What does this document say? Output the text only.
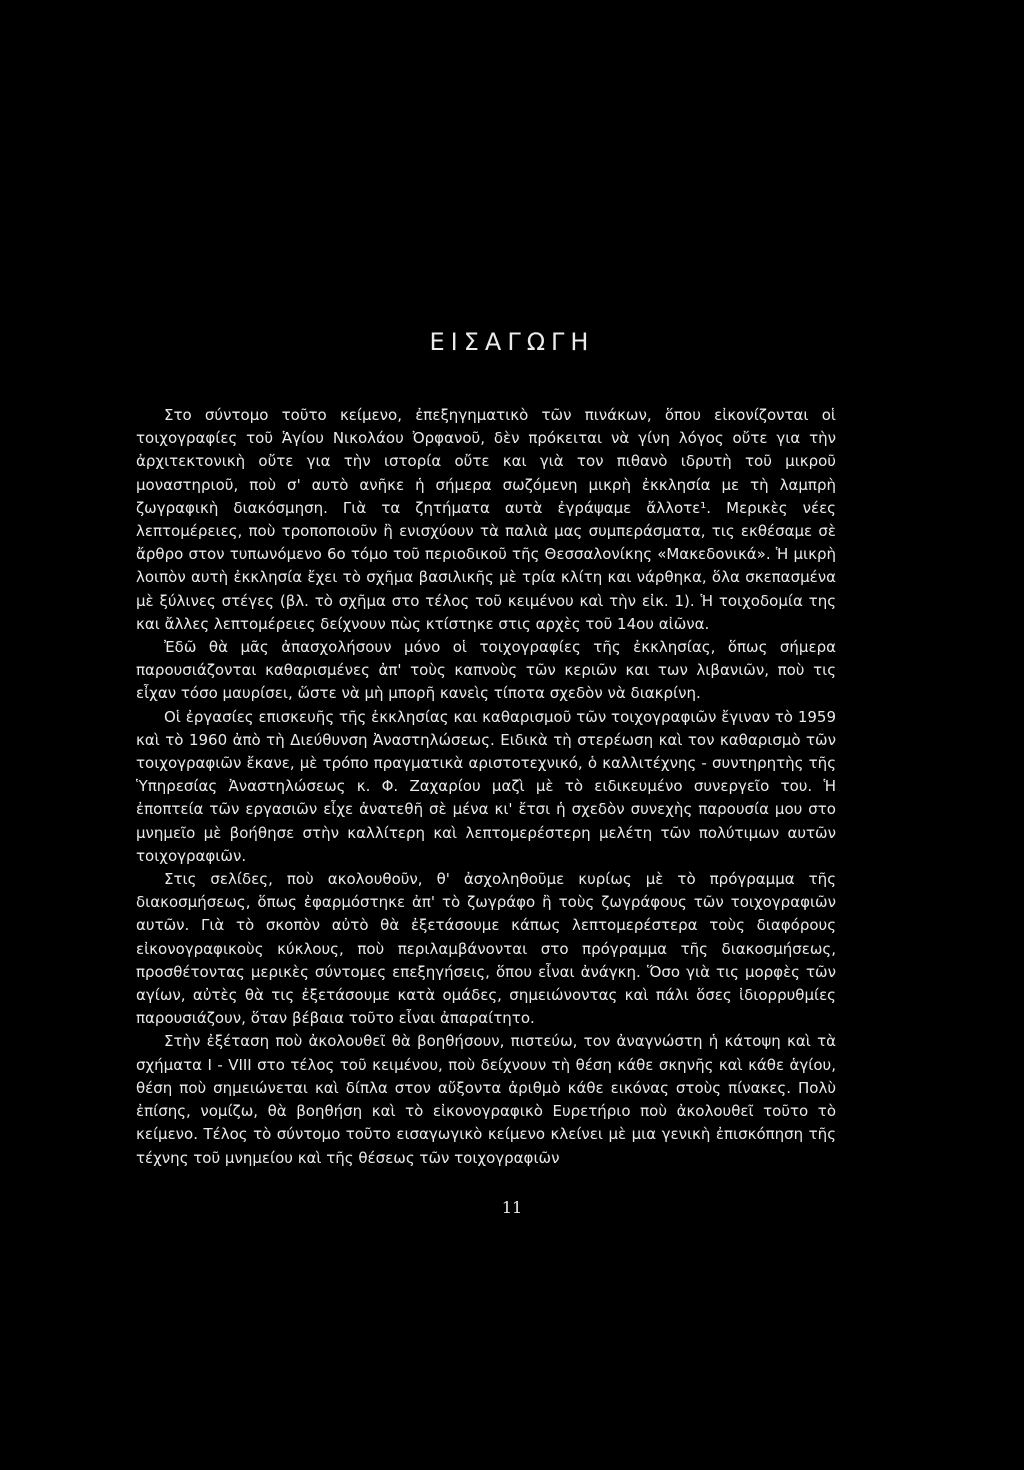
ΕΙΣΑΓΩΓΗ

Στο σύντομο τοῦτο κείμενο, ἐπεξηγηματικὸ τῶν πινάκων, ὅπου εἰκονίζονται οἱ τοιχογραφίες τοῦ Ἁγίου Νικολάου Ὀρφανοῦ, δὲν πρόκειται νὰ γίνη λόγος οὔτε για τὴν ἀρχιτεκτονικὴ οὔτε για τὴν ιστορία οὔτε και γιὰ τον πιθανὸ ιδρυτὴ τοῦ μικροῦ μοναστηριοῦ, ποὺ σ' αυτὸ ανῆκε ἡ σήμερα σωζόμενη μικρὴ ἐκκλησία με τὴ λαμπρὴ ζωγραφικὴ διακόσμηση. Γιὰ τα ζητήματα αυτὰ ἐγράψαμε ἄλλοτε¹. Μερικὲς νέες λεπτομέρειες, ποὺ τροποποιοῦν ἢ ενισχύουν τὰ παλιὰ μας συμπεράσματα, τις εκθέσαμε σὲ ἄρθρο στον τυπωνόμενο 6ο τόμο τοῦ περιοδικοῦ τῆς Θεσσαλονίκης «Μακεδονικά». Ἡ μικρὴ λοιπὸν αυτὴ ἐκκλησία ἔχει τὸ σχῆμα βασιλικῆς μὲ τρία κλίτη και νάρθηκα, ὅλα σκεπασμένα μὲ ξύλινες στέγες (βλ. τὸ σχῆμα στο τέλος τοῦ κειμένου καὶ τὴν εἰκ. 1). Ἡ τοιχοδομία της και ἄλλες λεπτομέρειες δείχνουν πὼς κτίστηκε στις αρχὲς τοῦ 14ου αἰῶνα.

Ἐδῶ θὰ μᾶς ἀπασχολήσουν μόνο οἱ τοιχογραφίες τῆς ἐκκλησίας, ὅπως σήμερα παρουσιάζονται καθαρισμένες ἀπ' τοὺς καπνοὺς τῶν κεριῶν και των λιβανιῶν, ποὺ τις εἶχαν τόσο μαυρίσει, ὥστε νὰ μὴ μπορῆ κανεὶς τίποτα σχεδὸν νὰ διακρίνη.

Οἱ ἐργασίες επισκευῆς τῆς ἐκκλησίας και καθαρισμοῦ τῶν τοιχογραφιῶν ἔγιναν τὸ 1959 καὶ τὸ 1960 ἀπὸ τὴ Διεύθυνση Ἀναστηλώσεως. Ειδικὰ τὴ στερέωση καὶ τον καθαρισμὸ τῶν τοιχογραφιῶν ἔκανε, μὲ τρόπο πραγματικὰ αριστοτεχνικό, ὁ καλλιτέχνης - συντηρητὴς τῆς Ὑπηρεσίας Ἀναστηλώσεως κ. Φ. Ζαχαρίου μαζὶ μὲ τὸ ειδικευμένο συνεργεῖο του. Ἡ ἐποπτεία τῶν εργασιῶν εἶχε ἀνατεθῆ σὲ μένα κι' ἔτσι ἡ σχεδὸν συνεχὴς παρουσία μου στο μνημεῖο μὲ βοήθησε στὴν καλλίτερη καὶ λεπτομερέστερη μελέτη τῶν πολύτιμων αυτῶν τοιχογραφιῶν.

Στις σελίδες, ποὺ ακολουθοῦν, θ' ἀσχοληθοῦμε κυρίως μὲ τὸ πρόγραμμα τῆς διακοσμήσεως, ὅπως ἐφαρμόστηκε ἀπ' τὸ ζωγράφο ἢ τοὺς ζωγράφους τῶν τοιχογραφιῶν αυτῶν. Γιὰ τὸ σκοπὸν αὐτὸ θὰ ἐξετάσουμε κάπως λεπτομερέστερα τοὺς διαφόρους εἰκονογραφικοὺς κύκλους, ποὺ περιλαμβάνονται στο πρόγραμμα τῆς διακοσμήσεως, προσθέτοντας μερικὲς σύντομες επεξηγήσεις, ὅπου εἶναι ἀνάγκη. Ὅσο γιὰ τις μορφὲς τῶν αγίων, αὐτὲς θὰ τις ἐξετάσουμε κατὰ ομάδες, σημειώνοντας καὶ πάλι ὅσες ἰδιορρυθμίες παρουσιάζουν, ὅταν βέβαια τοῦτο εἶναι ἀπαραίτητο.

Στὴν ἐξέταση ποὺ ἀκολουθεῖ θὰ βοηθήσουν, πιστεύω, τον ἀναγνώστη ἡ κάτοψη καὶ τὰ σχήματα I - VIII στο τέλος τοῦ κειμένου, ποὺ δείχνουν τὴ θέση κάθε σκηνῆς καὶ κάθε ἁγίου, θέση ποὺ σημειώνεται καὶ δίπλα στον αὔξοντα ἀριθμὸ κάθε εικόνας στοὺς πίνακες. Πολὺ ἐπίσης, νομίζω, θὰ βοηθήση καὶ τὸ εἰκονογραφικὸ Ευρετήριο ποὺ ἀκολουθεῖ τοῦτο τὸ κείμενο. Τέλος τὸ σύντομο τοῦτο εισαγωγικὸ κείμενο κλείνει μὲ μια γενικὴ ἐπισκόπηση τῆς τέχνης τοῦ μνημείου καὶ τῆς θέσεως τῶν τοιχογραφιῶν

11
